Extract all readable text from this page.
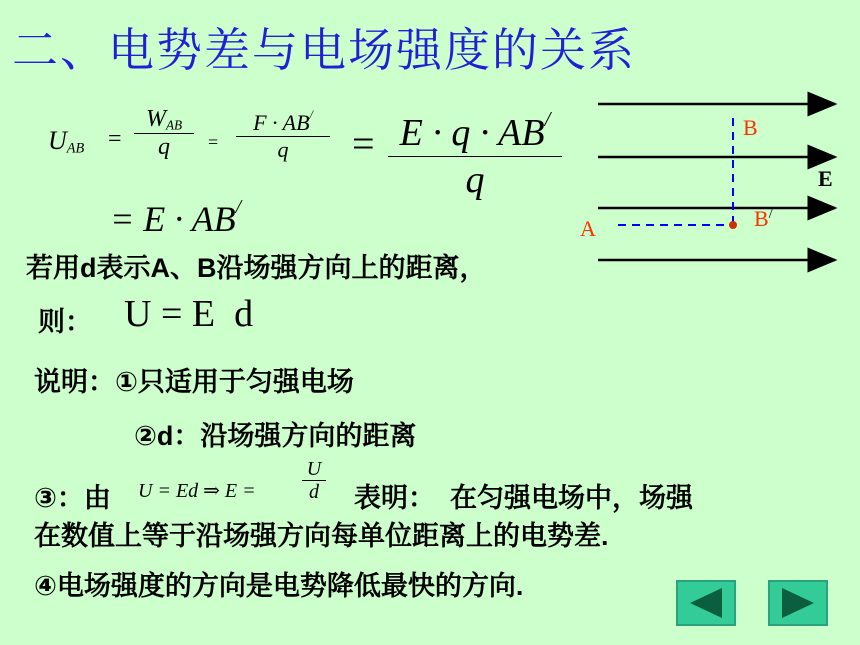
二、电势差与电场强度的关系
$U_{AB}$ =
$W_{AB}$
q	=
F · AB/
q	= E · q · AB/
q
= E · AB/
B
E
A	B/
若用d表示A、B沿场强方向上的距离，
则： U = E  d
说明：①只适用于匀强电场
②d：沿场强方向的距离
③：由 U = Ed ⇒ E =
U
d 表明：  在匀强电场中，场强
在数值上等于沿场强方向每单位距离上的电势差.
④电场强度的方向是电势降低最快的方向.
